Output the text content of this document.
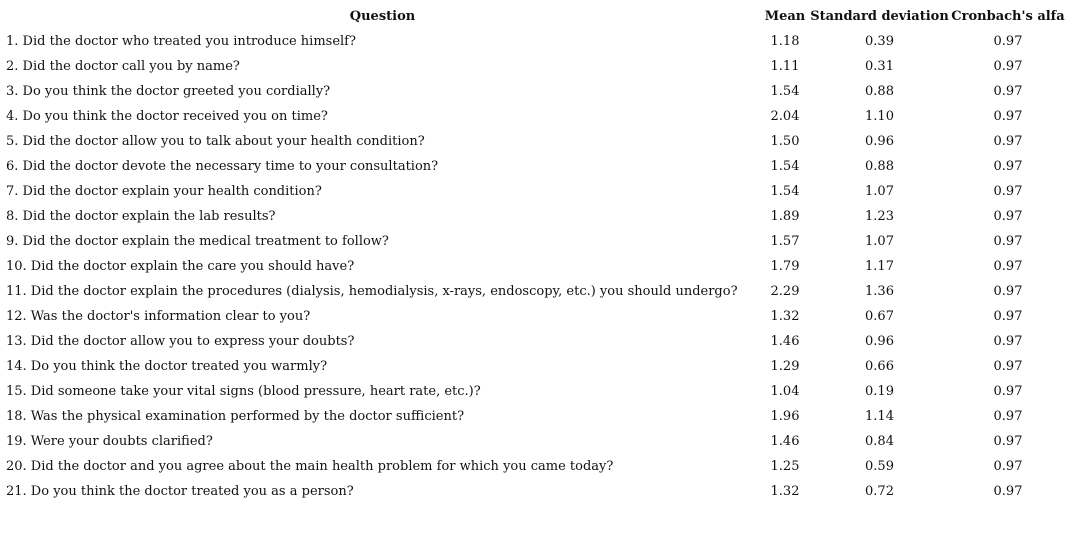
Question	Mean	Standard deviation	Cronbach's alfa
1. Did the doctor who treated you introduce himself?	1.18	0.39	0.97
2. Did the doctor call you by name?	1.11	0.31	0.97
3. Do you think the doctor greeted you cordially?	1.54	0.88	0.97
4. Do you think the doctor received you on time?	2.04	1.10	0.97
5. Did the doctor allow you to talk about your health condition?	1.50	0.96	0.97
6. Did the doctor devote the necessary time to your consultation?	1.54	0.88	0.97
7. Did the doctor explain your health condition?	1.54	1.07	0.97
8. Did the doctor explain the lab results?	1.89	1.23	0.97
9. Did the doctor explain the medical treatment to follow?	1.57	1.07	0.97
10. Did the doctor explain the care you should have?	1.79	1.17	0.97
11. Did the doctor explain the procedures (dialysis, hemodialysis, x-rays, endoscopy, etc.) you should undergo?	2.29	1.36	0.97
12. Was the doctor's information clear to you?	1.32	0.67	0.97
13. Did the doctor allow you to express your doubts?	1.46	0.96	0.97
14. Do you think the doctor treated you warmly?	1.29	0.66	0.97
15. Did someone take your vital signs (blood pressure, heart rate, etc.)?	1.04	0.19	0.97
18. Was the physical examination performed by the doctor sufficient?	1.96	1.14	0.97
19. Were your doubts clarified?	1.46	0.84	0.97
20. Did the doctor and you agree about the main health problem for which you came today?	1.25	0.59	0.97
21. Do you think the doctor treated you as a person?	1.32	0.72	0.97
